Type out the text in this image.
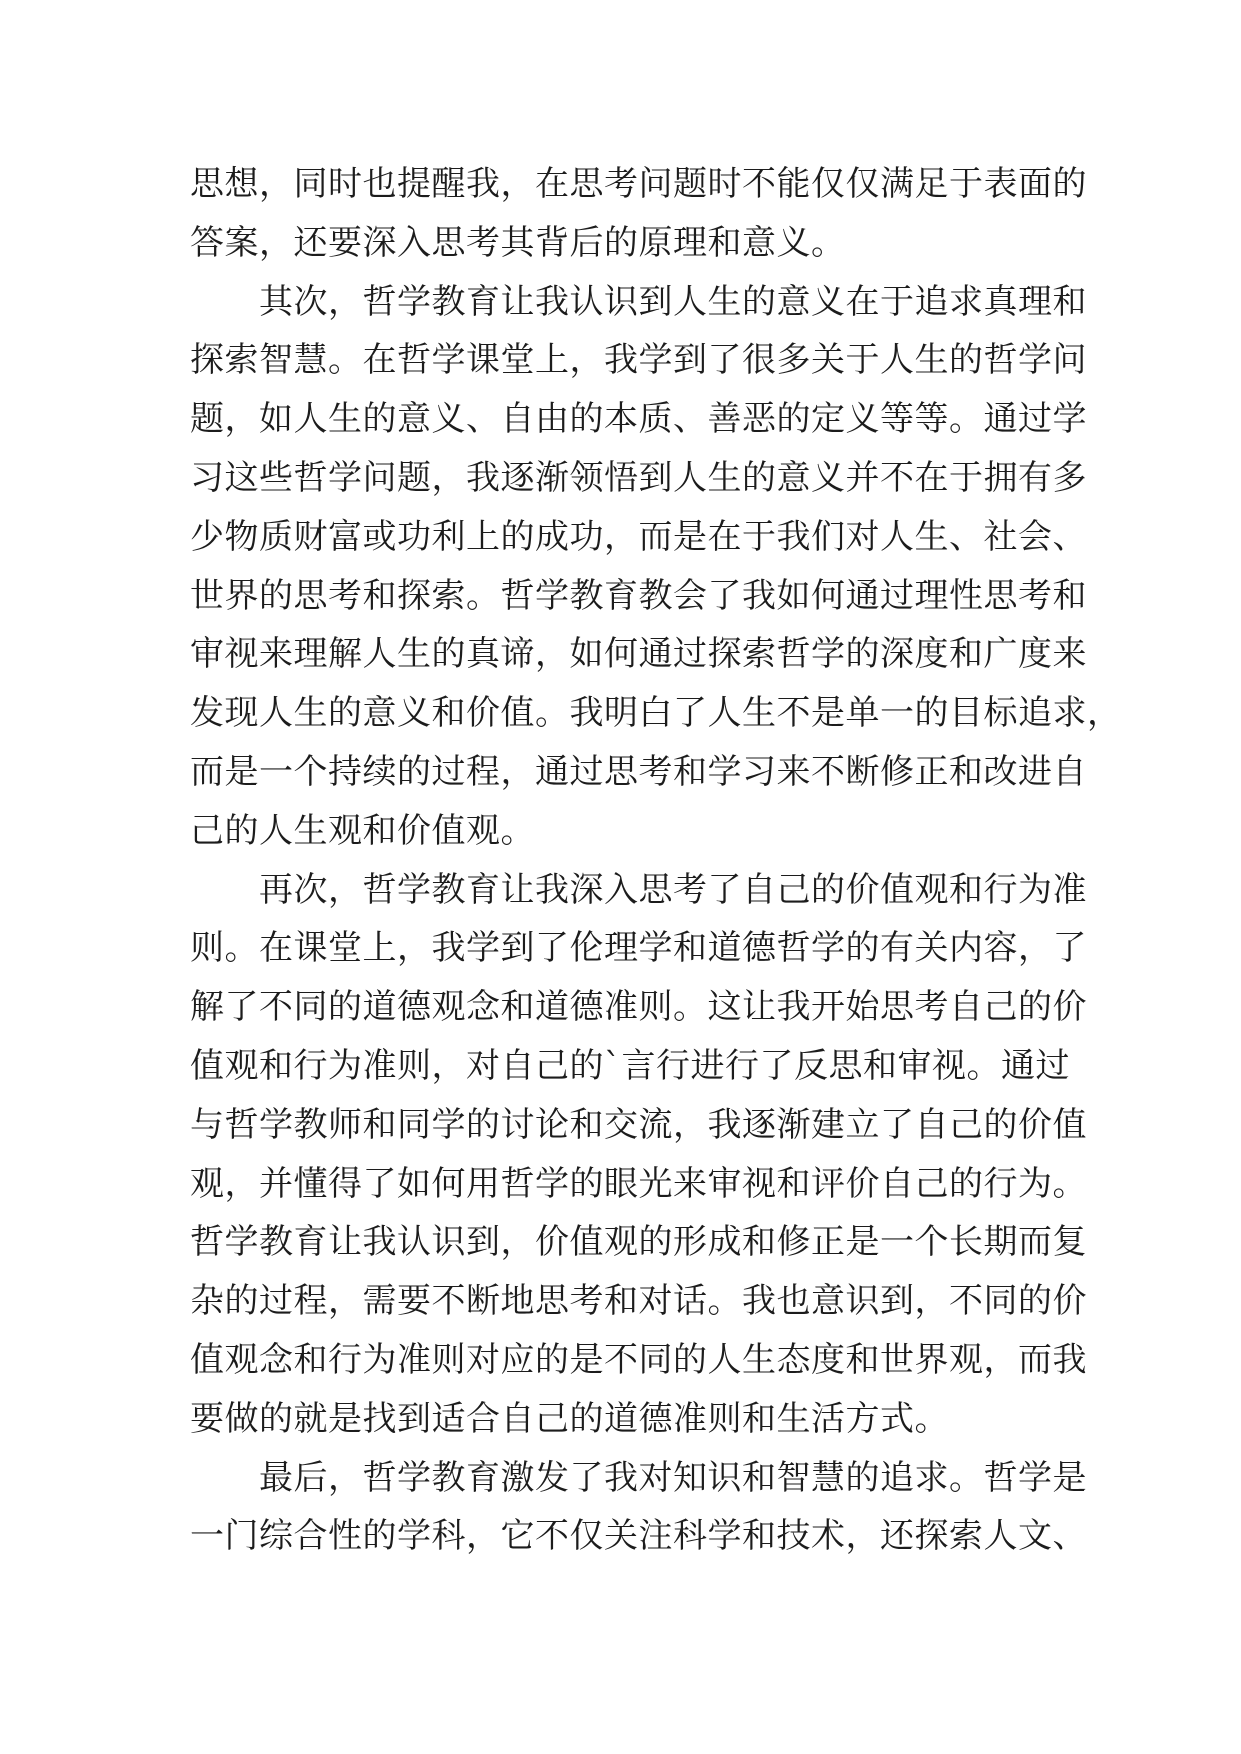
思想，同时也提醒我，在思考问题时不能仅仅满足于表面的
答案，还要深入思考其背后的原理和意义。
　　其次，哲学教育让我认识到人生的意义在于追求真理和
探索智慧。在哲学课堂上，我学到了很多关于人生的哲学问
题，如人生的意义、自由的本质、善恶的定义等等。通过学
习这些哲学问题，我逐渐领悟到人生的意义并不在于拥有多
少物质财富或功利上的成功，而是在于我们对人生、社会、
世界的思考和探索。哲学教育教会了我如何通过理性思考和
审视来理解人生的真谛，如何通过探索哲学的深度和广度来
发现人生的意义和价值。我明白了人生不是单一的目标追求，
而是一个持续的过程，通过思考和学习来不断修正和改进自
己的人生观和价值观。
　　再次，哲学教育让我深入思考了自己的价值观和行为准
则。在课堂上，我学到了伦理学和道德哲学的有关内容，了
解了不同的道德观念和道德准则。这让我开始思考自己的价
值观和行为准则，对自己的`言行进行了反思和审视。通过
与哲学教师和同学的讨论和交流，我逐渐建立了自己的价值
观，并懂得了如何用哲学的眼光来审视和评价自己的行为。
哲学教育让我认识到，价值观的形成和修正是一个长期而复
杂的过程，需要不断地思考和对话。我也意识到，不同的价
值观念和行为准则对应的是不同的人生态度和世界观，而我
要做的就是找到适合自己的道德准则和生活方式。
　　最后，哲学教育激发了我对知识和智慧的追求。哲学是
一门综合性的学科，它不仅关注科学和技术，还探索人文、
